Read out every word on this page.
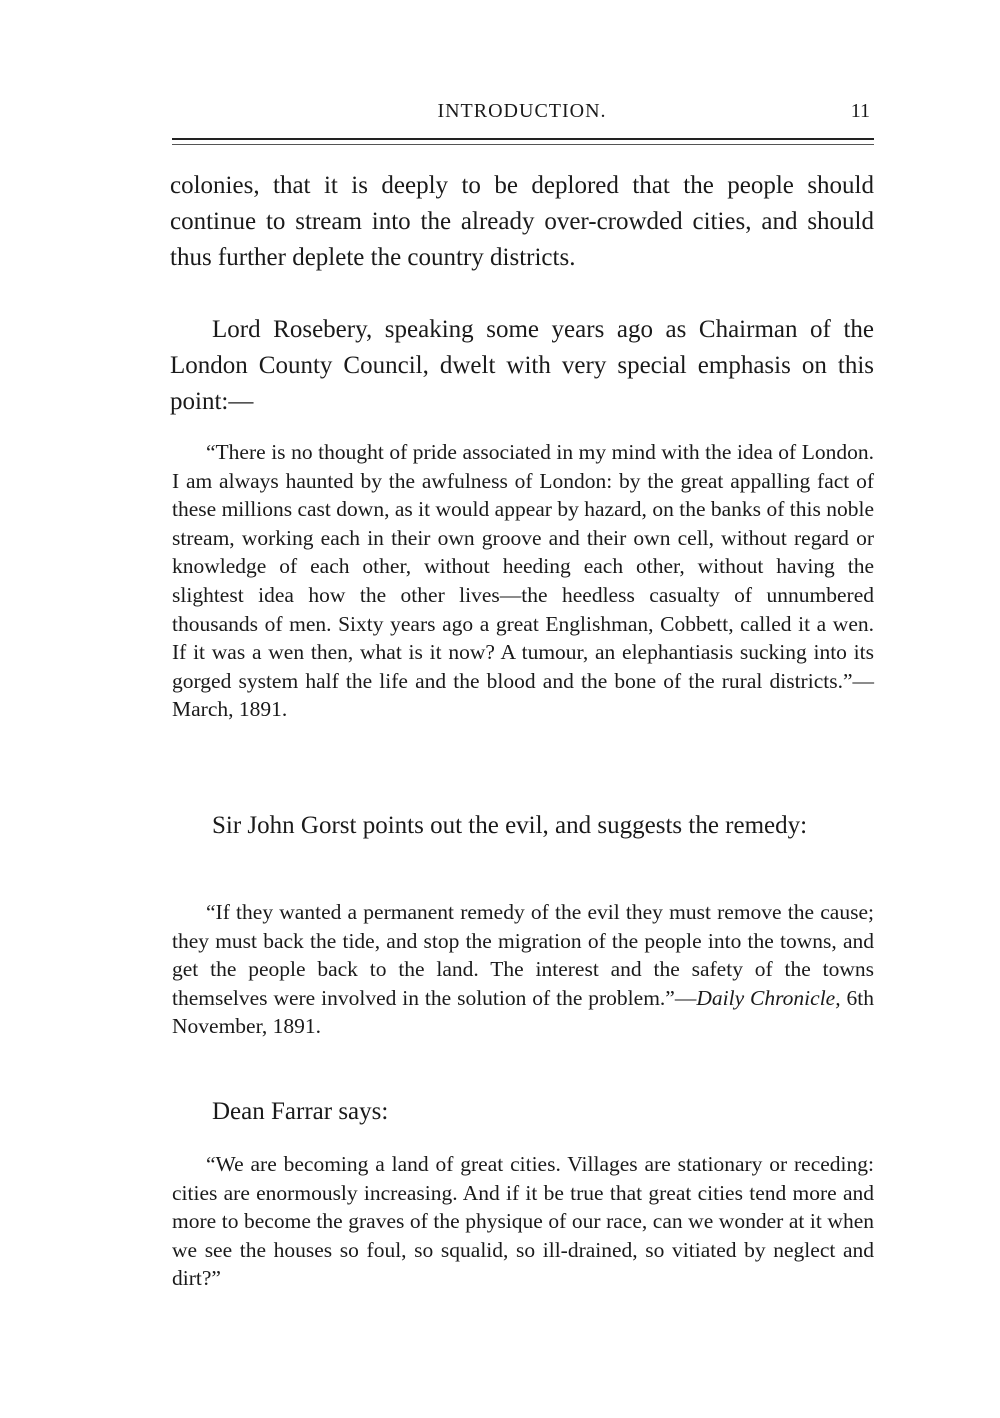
INTRODUCTION.	11

colonies, that it is deeply to be deplored that the people should continue to stream into the already over-crowded cities, and should thus further deplete the country districts.

Lord Rosebery, speaking some years ago as Chairman of the London County Council, dwelt with very special emphasis on this point:—

“There is no thought of pride associated in my mind with the idea of London. I am always haunted by the awfulness of London: by the great appalling fact of these millions cast down, as it would appear by hazard, on the banks of this noble stream, working each in their own groove and their own cell, without regard or knowledge of each other, without heeding each other, without having the slightest idea how the other lives—the heedless casualty of unnumbered thousands of men. Sixty years ago a great Englishman, Cobbett, called it a wen. If it was a wen then, what is it now? A tumour, an elephantiasis sucking into its gorged system half the life and the blood and the bone of the rural districts.”—March, 1891.

Sir John Gorst points out the evil, and suggests the remedy:

“If they wanted a permanent remedy of the evil they must remove the cause; they must back the tide, and stop the migration of the people into the towns, and get the people back to the land. The interest and the safety of the towns themselves were involved in the solution of the problem.”—Daily Chronicle, 6th November, 1891.

Dean Farrar says:

“We are becoming a land of great cities. Villages are stationary or receding: cities are enormously increasing. And if it be true that great cities tend more and more to become the graves of the physique of our race, can we wonder at it when we see the houses so foul, so squalid, so ill-drained, so vitiated by neglect and dirt?”
